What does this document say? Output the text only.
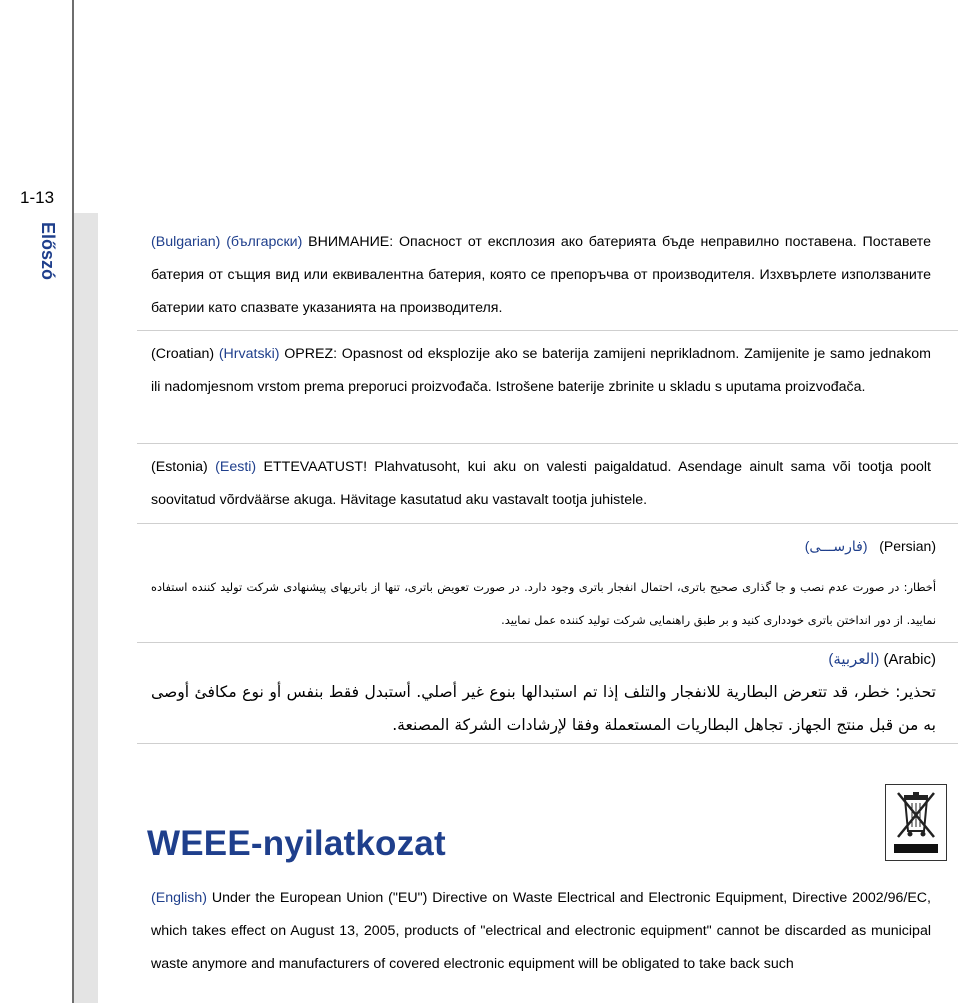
1-13
Előszó	(Bulgarian) (български) ВНИМАНИЕ: Опасност от експлозия ако батерията бъде неправилно поставена. Поставете батерия от същия вид или еквивалентна батерия, която се препоръчва от производителя. Изхвърлете използваните батерии като спазвате указанията на производителя.
(Croatian) (Hrvatski) OPREZ: Opasnost od eksplozije ako se baterija zamijeni neprikladnom. Zamijenite je samo jednakom ili nadomjesnom vrstom prema preporuci proizvođača. Istrošene baterije zbrinite u skladu s uputama proizvođača.
(Estonia) (Eesti) ETTEVAATUST! Plahvatusoht, kui aku on valesti paigaldatud. Asendage ainult sama või tootja poolt soovitatud võrdväärse akuga. Hävitage kasutatud aku vastavalt tootja juhistele.
(فارســـی) (Persian)
أخطار: در صورت عدم نصب و جا گذاری صحیح باتری، احتمال انفجار باتری وجود دارد. در صورت تعویض باتری، تنها از باتریهای پیشنهادی شرکت تولید کننده استفاده نمایید. از دور انداختن باتری خودداری کنید و بر طبق راهنمایی شرکت تولید کننده عمل نمایید.
(العربية) (Arabic)
تحذير: خطر، قد تتعرض البطارية للانفجار والتلف إذا تم استبدالها بنوع غير أصلي. أستبدل فقط بنفس أو نوع مكافئ أوصى به من قبل منتج الجهاز. تجاهل البطاريات المستعملة وفقا لإرشادات الشركة المصنعة.
WEEE-nyilatkozat
(English) Under the European Union ("EU") Directive on Waste Electrical and Electronic Equipment, Directive 2002/96/EC, which takes effect on August 13, 2005, products of "electrical and electronic equipment" cannot be discarded as municipal waste anymore and manufacturers of covered electronic equipment will be obligated to take back such
